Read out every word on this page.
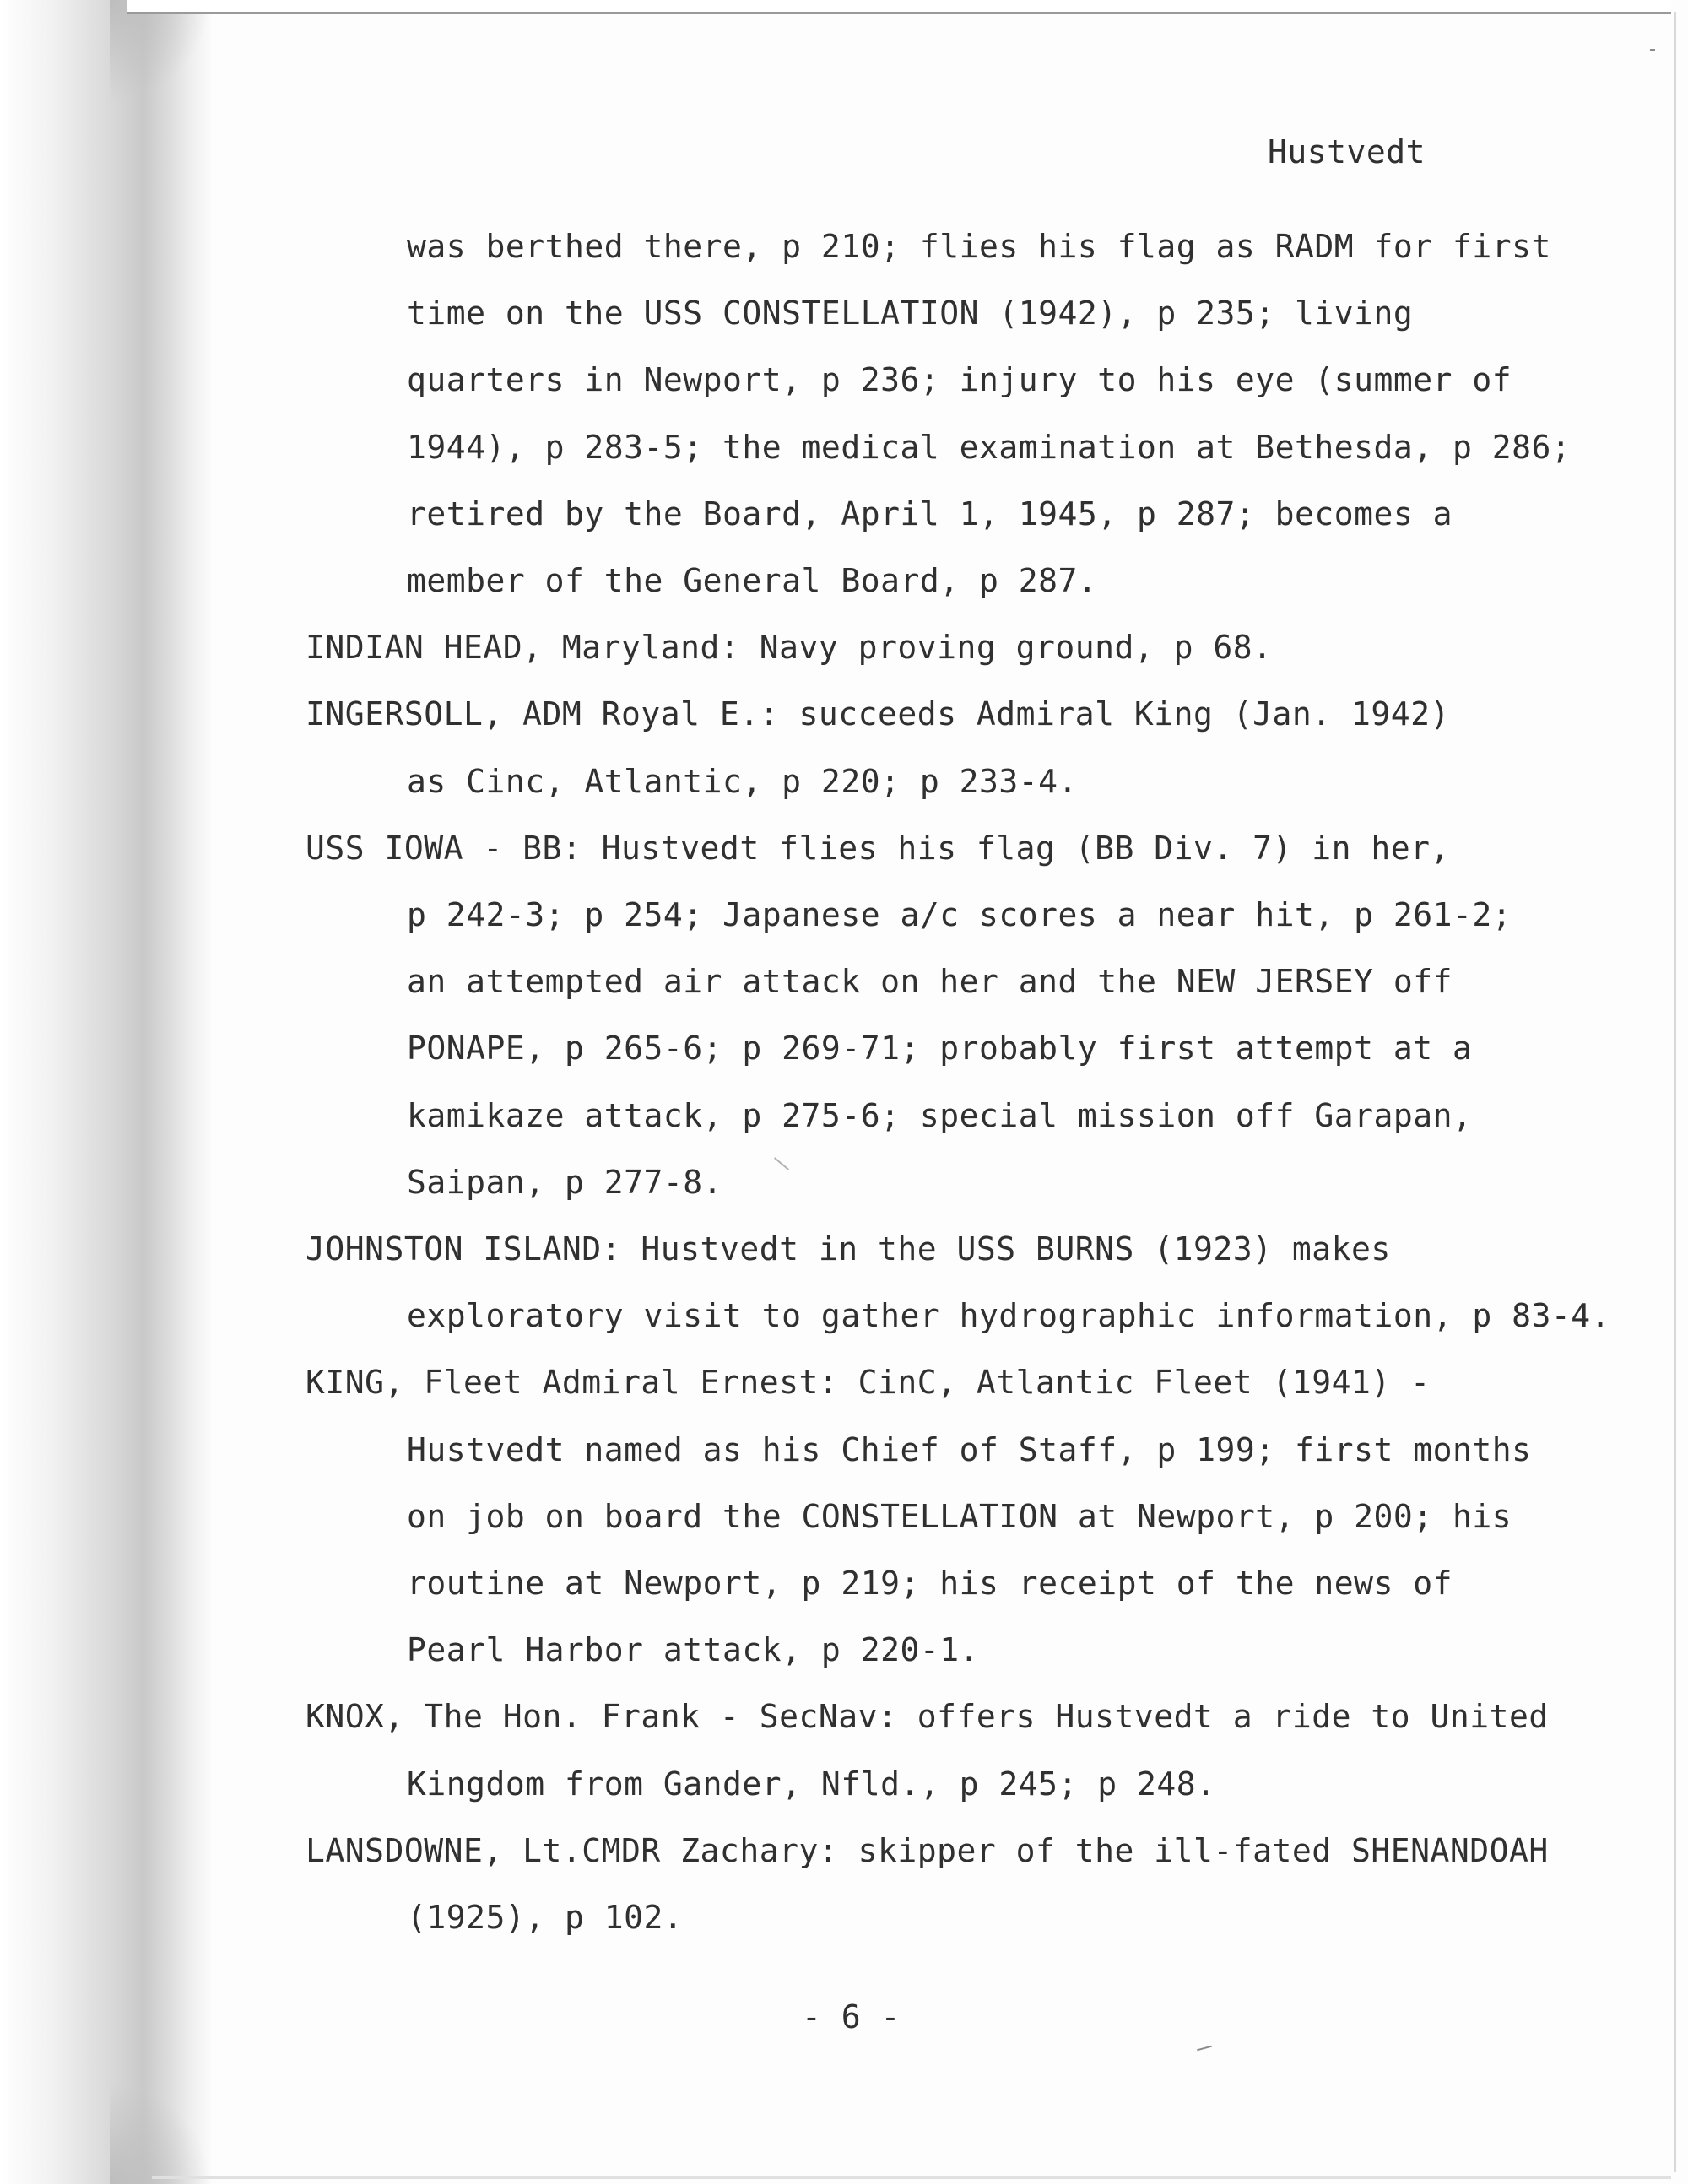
Hustvedt
was berthed there, p 210; flies his flag as RADM for first
time on the USS CONSTELLATION (1942), p 235; living
quarters in Newport, p 236; injury to his eye (summer of
1944), p 283-5; the medical examination at Bethesda, p 286;
retired by the Board, April 1, 1945, p 287; becomes a
member of the General Board, p 287.
INDIAN HEAD, Maryland: Navy proving ground, p 68.
INGERSOLL, ADM Royal E.: succeeds Admiral King (Jan. 1942)
as Cinc, Atlantic, p 220; p 233-4.
USS IOWA - BB: Hustvedt flies his flag (BB Div. 7) in her,
p 242-3; p 254; Japanese a/c scores a near hit, p 261-2;
an attempted air attack on her and the NEW JERSEY off
PONAPE, p 265-6; p 269-71; probably first attempt at a
kamikaze attack, p 275-6; special mission off Garapan,
Saipan, p 277-8.
JOHNSTON ISLAND: Hustvedt in the USS BURNS (1923) makes
exploratory visit to gather hydrographic information, p 83-4.
KING, Fleet Admiral Ernest: CinC, Atlantic Fleet (1941) -
Hustvedt named as his Chief of Staff, p 199; first months
on job on board the CONSTELLATION at Newport, p 200; his
routine at Newport, p 219; his receipt of the news of
Pearl Harbor attack, p 220-1.
KNOX, The Hon. Frank - SecNav: offers Hustvedt a ride to United
Kingdom from Gander, Nfld., p 245; p 248.
LANSDOWNE, Lt.CMDR Zachary: skipper of the ill-fated SHENANDOAH
(1925), p 102.
- 6 -
